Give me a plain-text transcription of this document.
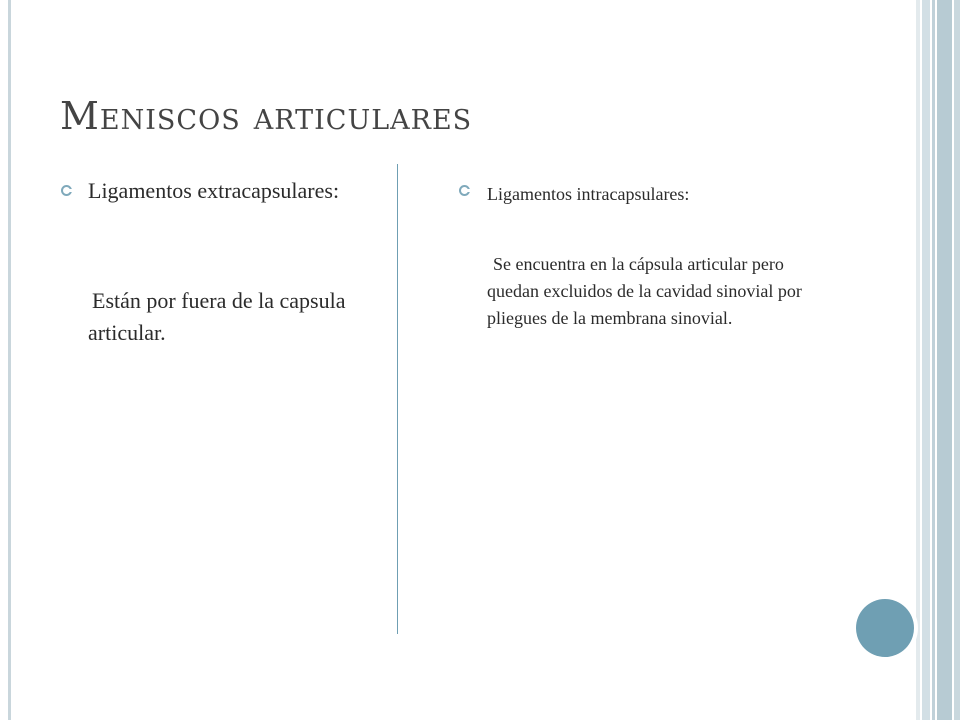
Meniscos articulares
Ligamentos extracapsulares:
Están por fuera de la capsula articular.
Ligamentos intracapsulares:
Se encuentra en la cápsula articular pero quedan excluidos de la cavidad sinovial por pliegues de la membrana sinovial.
